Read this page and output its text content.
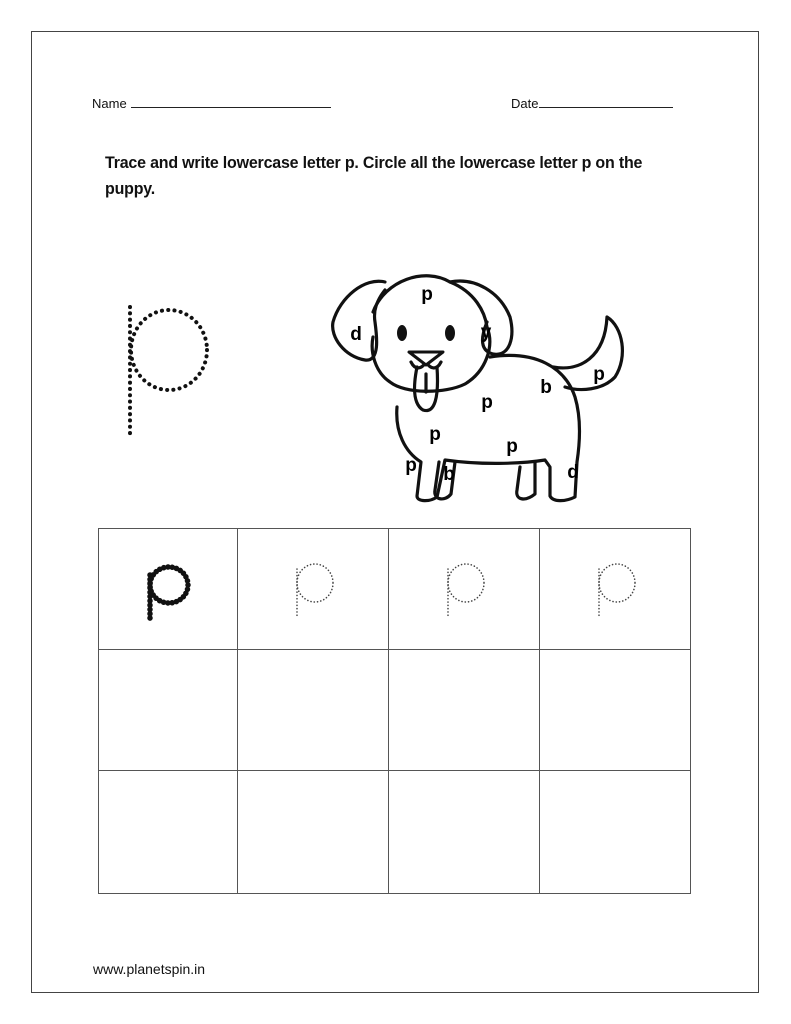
Name	Date

Trace and write lowercase letter p. Circle all the lowercase letter p on the puppy.

p
d	y
p
b
p
p
p
p b	d

www.planetspin.in
